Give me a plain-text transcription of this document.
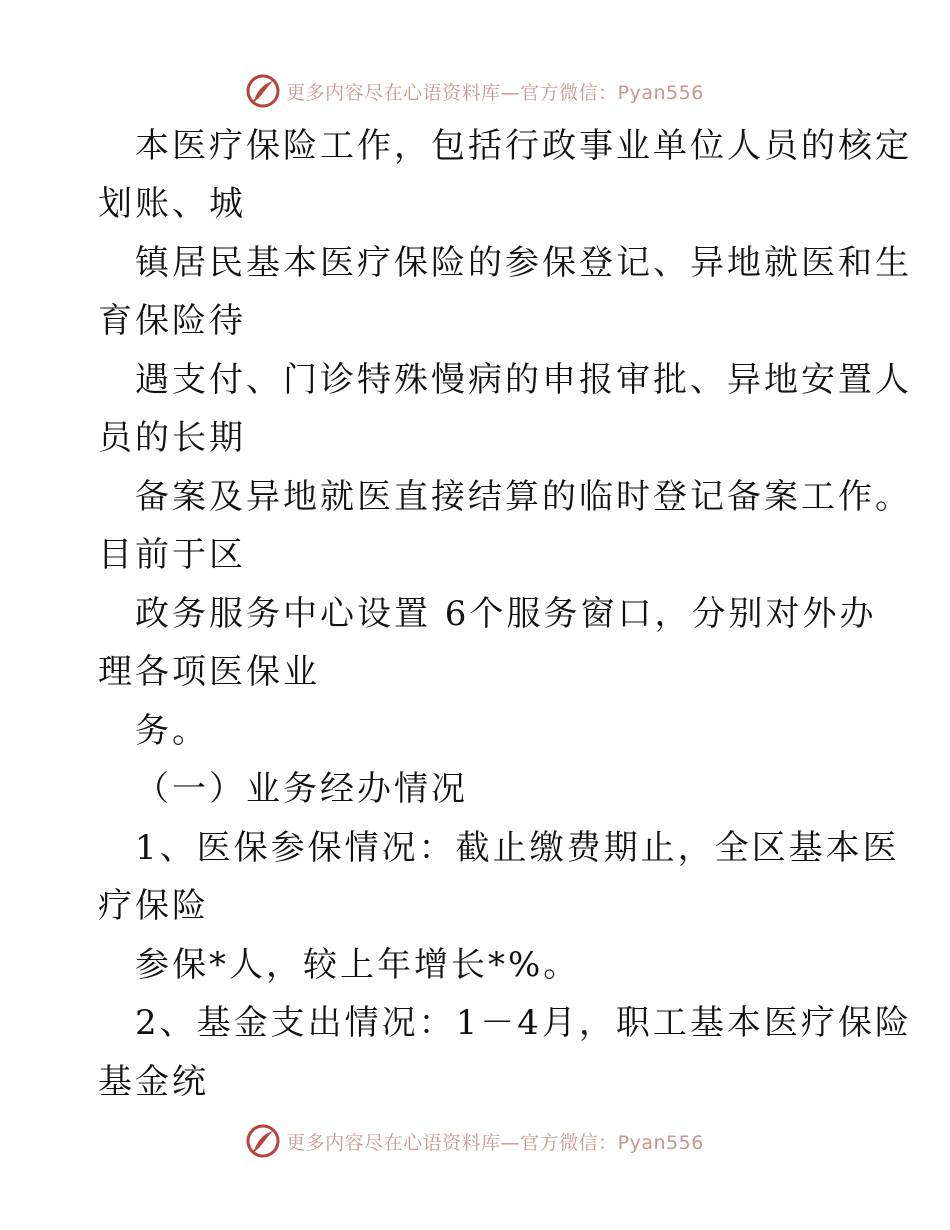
更多内容尽在心语资料库—官方微信：Pyan556
本医疗保险工作，包括行政事业单位人员的核定
划账、城
镇居民基本医疗保险的参保登记、异地就医和生
育保险待
遇支付、门诊特殊慢病的申报审批、异地安置人
员的长期
备案及异地就医直接结算的临时登记备案工作。
目前于区
政务服务中心设置 6个服务窗口，分别对外办
理各项医保业
务。
（一）业务经办情况
1、医保参保情况：截止缴费期止，全区基本医
疗保险
参保*人，较上年增长*%。
2、基金支出情况：1－4月，职工基本医疗保险
基金统
更多内容尽在心语资料库—官方微信：Pyan556
